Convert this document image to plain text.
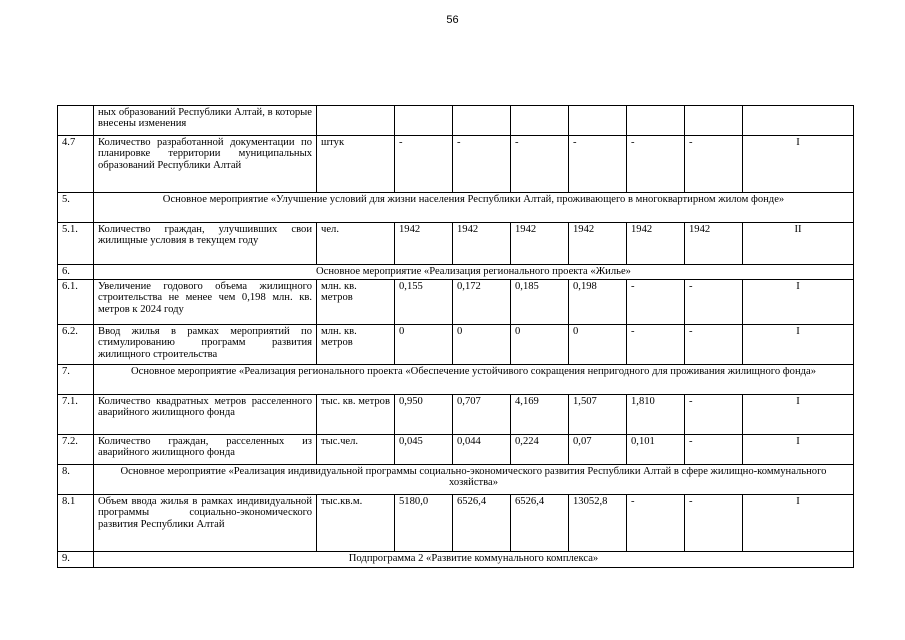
56
	ных образований Республики Алтай, в которые внесены изменения								
4.7	Количество разработанной документации по планировке территории муниципальных образований Республики Алтай	штук	-	-	-	-	-	-	I
5.	Основное мероприятие «Улучшение условий для жизни населения Республики Алтай, проживающего в многоквартирном жилом фонде»								
5.1.	Количество граждан, улучшивших свои жилищные условия в текущем году	чел.	1942	1942	1942	1942	1942	1942	II
6.	Основное мероприятие «Реализация регионального проекта «Жилье»								
6.1.	Увеличение годового объема жилищного строительства не менее чем 0,198 млн. кв. метров к 2024 году	млн. кв. метров	0,155	0,172	0,185	0,198	-	-	I
6.2.	Ввод жилья в рамках мероприятий по стимулированию программ развития жилищного строительства	млн. кв. метров	0	0	0	0	-	-	I
7.	Основное мероприятие «Реализация регионального проекта «Обеспечение устойчивого сокращения непригодного для проживания жилищного фонда»								
7.1.	Количество квадратных метров расселенного аварийного жилищного фонда	тыс. кв. метров	0,950	0,707	4,169	1,507	1,810	-	I
7.2.	Количество граждан, расселенных из аварийного жилищного фонда	тыс.чел.	0,045	0,044	0,224	0,07	0,101	-	I
8.	Основное мероприятие «Реализация индивидуальной программы социально-экономического развития Республики Алтай в сфере жилищно-коммунального хозяйства»								
8.1	Объем ввода жилья в рамках индивидуальной программы социально-экономического развития Республики Алтай	тыс.кв.м.	5180,0	6526,4	6526,4	13052,8	-	-	I
9.	Подпрограмма 2 «Развитие коммунального комплекса»								
